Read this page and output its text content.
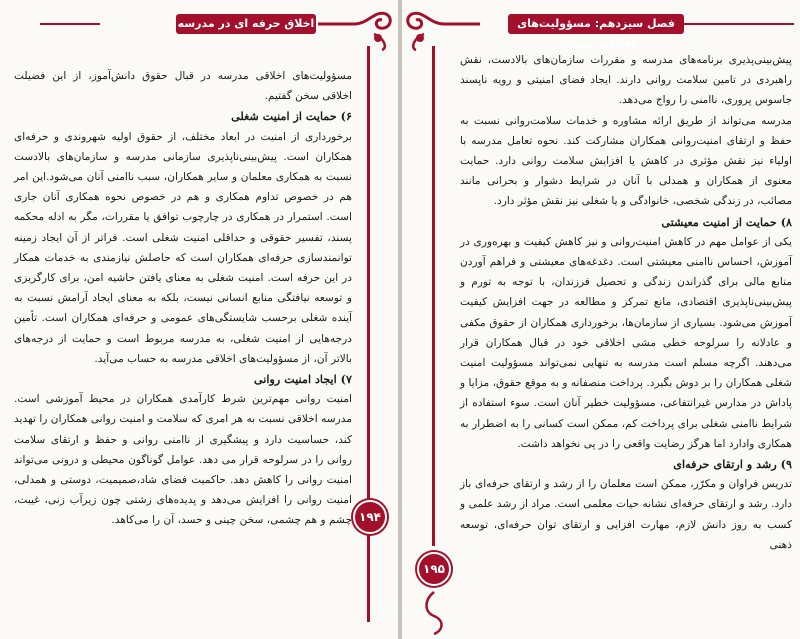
اخلاق حرفه ای در مدرسه
۱۹۴

مسؤولیت‌های اخلاقی مدرسه در قبال حقوق دانش‌آموز، از این فضیلت اخلاقی سخن گفتیم.

۶) حمایت از امنیت شغلی

برخورداری از امنیت در ابعاد مختلف، از حقوق اولیه شهروندی و حرفه‌ای همکاران است. پیش‌بینی‌ناپذیری سازمانی مدرسه و سازمان‌های بالادست نسبت به همکاری معلمان و سایر همکاران، سبب ناامنی آنان می‌شود.این امر هم در خصوص تداوم همکاری و هم در خصوص نحوه همکاری آنان جاری است. استمرار در همکاری در چارچوب توافق یا مقررات، مگر به ادله محکمه پسند، تفسیر حقوقی و حداقلی امنیت شغلی است. فراتر از آن ایجاد زمینه توانمندسازی حرفه‌ای همکاران است که حاصلش نیازمندی به خدمات همکار در این حرفه است. امنیت شغلی به معنای یافتن حاشیه امن، برای کارگریزی و توسعه نیافتگی منابع انسانی نیست، بلکه به معنای ایجاد آرامش نسبت به آینده شغلی برحسب شایستگی‌های عمومی و حرفه‌ای همکاران است. تأمین درجه‌هایی از امنیت شغلی، به مدرسه مربوط است و حمایت از درجه‌های بالاتر آن، از مسؤولیت‌های اخلاقی مدرسه به حساب می‌آید.

۷) ایجاد امنیت روانی

امنیت روانی مهم‌ترین شرط کارآمدی همکاران در محیط آموزشی است. مدرسه اخلاقی نسبت به هر امری که سلامت و امنیت روانی همکاران را تهدید کند، حساسیت دارد و پیشگیری از ناامنی روانی و حفظ و ارتقای سلامت روانی را در سرلوحه قرار می دهد. عوامل گوناگون محیطی و درونی می‌تواند امنیت روانی را کاهش دهد. حاکمیت فضای شاد،صمیمیت، دوستی و همدلی، امنیت روانی را افزایش می‌دهد و پدیده‌های زشتی چون زیرآب زنی، غیبت، چشم و هم چشمی، سخن چینی و حسد، آن را می‌کاهد.

فصل سیزدهم: مسؤولیت‌های اخلاقی مدرسه
۱۹۵

پیش‌بینی‌پذیری برنامه‌های مدرسه و مقررات سازمان‌های بالادست، نقش راهبردی در تامین سلامت روانی دارند. ایجاد فضای امنیتی و رویه ناپسند جاسوس پروری، ناامنی را رواج می‌دهد.

مدرسه می‌تواند از طریق ارائه مشاوره و خدمات سلامت‌روانی نسبت به حفظ و ارتقای امنیت‌روانی همکاران مشارکت کند. نحوه تعامل مدرسه با اولیاء نیز نقش مؤثری در کاهش یا افزایش سلامت روانی دارد. حمایت معنوی از همکاران و همدلی با آنان در شرایط دشوار و بحرانی مانند مصائب، در زندگی شخصی، خانوادگی و یا شغلی نیز نقش مؤثر دارد.

۸) حمایت از امنیت معیشتی

یکی از عوامل مهم در کاهش امنیت‌روانی و نیز کاهش کیفیت و بهره‌وری در آموزش، احساس ناامنی معیشتی است. دغدغه‌های معیشتی و فراهم آوردن منابع مالی برای گذراندن زندگی و تحصیل فرزندان، با توجه به تورم و پیش‌بینی‌ناپذیری اقتصادی، مانع تمرکز و مطالعه در جهت افزایش کیفیت آموزش می‌شود. بسیاری از سازمان‌ها، برخورداری همکاران از حقوق مکفی و عادلانه را سرلوحه خطی مشی اخلاقی خود در قبال همکاران قرار می‌دهند. اگرچه مسلم است مدرسه به تنهایی نمی‌تواند مسؤولیت امنیت شغلی همکاران را بر دوش بگیرد. پرداخت منصفانه و به موقع حقوق، مزایا و پاداش در مدارس غیرانتفاعی، مسؤولیت خطیر آنان است. سوء استفاده از شرایط ناامنی شغلی برای پرداخت کم، ممکن است کسانی را به اضطرار به همکاری وادارد اما هرگز رضایت واقعی را در پی نخواهد داشت.

۹) رشد و ارتقای حرفه‌ای

تدریس فراوان و مکرّر، ممکن است معلمان را از رشد و ارتقای حرفه‌ای باز دارد. رشد و ارتقای حرفه‌ای نشانه حیات معلمی است. مراد از رشد علمی و کسب به روز دانش لازم، مهارت افزایی و ارتقای توان حرفه‌ای، توسعه ذهنی
